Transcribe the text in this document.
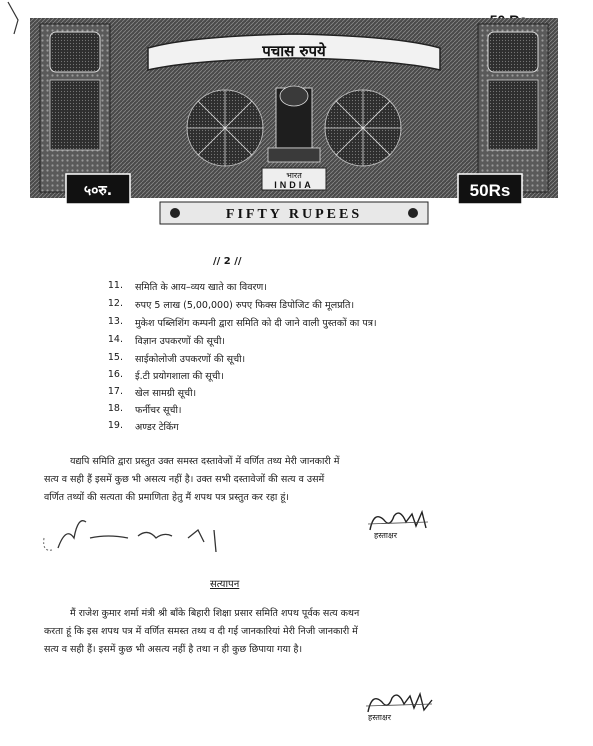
पचास रुपये
भारत
INDIA
५०रु.	50Rs
FIFTY RUPEES
// 2 //
11. समिति के आय–व्यय खाते का विवरण।
12. रुपए 5 लाख (5,00,000) रुपए फिक्स डिपोजिट की मूलप्रति।
13. मुकेश पब्लिशिंग कम्पनी द्वारा समिति को दी जाने वाली पुस्तकों का पत्र।
14. विज्ञान उपकरणों की सूची।
15. साईकोलोजी उपकरणों की सूची।
16. ई.टी प्रयोगशाला की सूची।
17. खेल सामग्री सूची।
18. फर्नीचर सूची।
19. अण्डर टेकिंग
यद्यपि समिति द्वारा प्रस्तुत उक्त समस्त दस्तावेजों में वर्णित तथ्य मेरी जानकारी में
सत्य व सही हैं इसमें कुछ भी असत्य नहीं है। उक्त सभी दस्तावेजों की सत्य व उसमें
वर्णित तथ्यों की सत्यता की प्रमाणिता हेतु मैं शपथ पत्र प्रस्तुत कर रहा हूं।
हस्ताक्षर
सत्यापन
मैं राजेश कुमार शर्मा मंत्री श्री बाँके बिहारी शिक्षा प्रसार समिति शपथ पूर्वक सत्य कथन
करता हूं कि इस शपथ पत्र में वर्णित समस्त तथ्य व दी गई जानकारियां मेरी निजी जानकारी में
सत्य व सही हैं। इसमें कुछ भी असत्य नहीं है तथा न ही कुछ छिपाया गया है।
हस्ताक्षर
